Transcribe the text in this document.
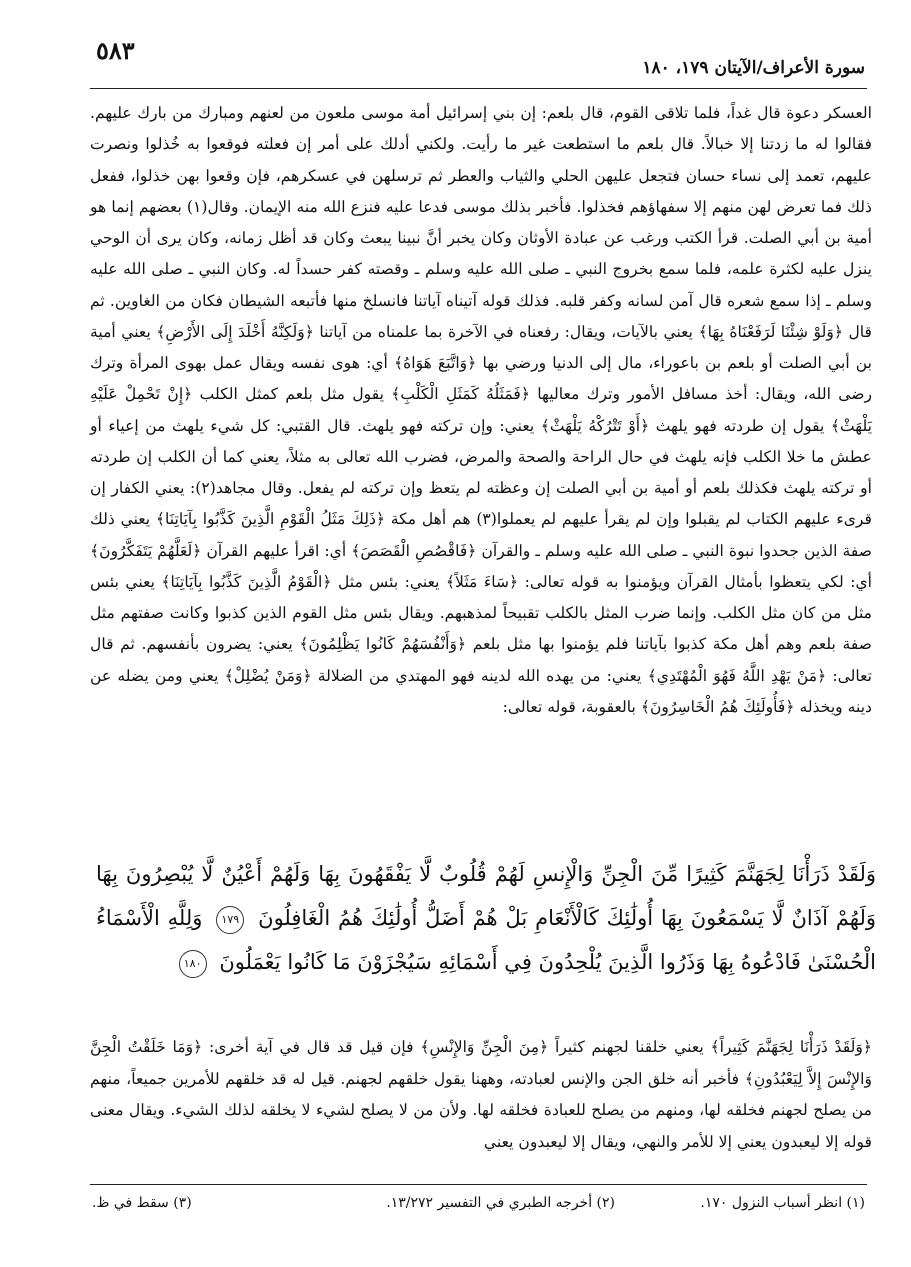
٥٨٣
سورة الأعراف/الآيتان ١٧٩، ١٨٠

العسكر دعوة قال غداً، فلما تلاقى القوم، قال بلعم: إن بني إسرائيل أمة موسى ملعون من لعنهم ومبارك من بارك عليهم. فقالوا له ما زدتنا إلا خبالاً. قال بلعم ما استطعت غير ما رأيت. ولكني أدلك على أمر إن فعلته فوقعوا به خُذلوا ونصرت عليهم، تعمد إلى نساء حسان فتجعل عليهن الحلي والثياب والعطر ثم ترسلهن في عسكرهم، فإن وقعوا بهن خذلوا، ففعل ذلك فما تعرض لهن منهم إلا سفهاؤهم فخذلوا. فأخبر بذلك موسى فدعا عليه فنزع الله منه الإيمان. وقال(١) بعضهم إنما هو أمية بن أبي الصلت. قرأ الكتب ورغب عن عبادة الأوثان وكان يخبر أنَّ نبينا يبعث وكان قد أظل زمانه، وكان يرى أن الوحي ينزل عليه لكثرة علمه، فلما سمع بخروج النبي ـ صلى الله عليه وسلم ـ وقصته كفر حسداً له. وكان النبي ـ صلى الله عليه وسلم ـ إذا سمع شعره قال آمن لسانه وكفر قلبه. فذلك قوله آتيناه آياتنا فانسلخ منها فأتبعه الشيطان فكان من الغاوين. ثم قال ﴿وَلَوْ شِئْنَا لَرَفَعْنَاهُ بِهَا﴾ يعني بالآيات، ويقال: رفعناه في الآخرة بما علمناه من آياتنا ﴿وَلَكِنَّهُ أَخْلَدَ إِلَى الأَرْضِ﴾ يعني أمية بن أبي الصلت أو بلعم بن باعوراء، مال إلى الدنيا ورضي بها ﴿وَاتَّبَعَ هَوَاهُ﴾ أي: هوى نفسه ويقال عمل بهوى المرأة وترك رضى الله، ويقال: أخذ مسافل الأمور وترك معاليها ﴿فَمَثَلُهُ كَمَثَلِ الْكَلْبِ﴾ يقول مثل بلعم كمثل الكلب ﴿إِنْ تَحْمِلْ عَلَيْهِ يَلْهَثْ﴾ يقول إن طردته فهو يلهث ﴿أَوْ تَتْرُكْهُ يَلْهَثْ﴾ يعني: وإن تركته فهو يلهث. قال القتبي: كل شيء يلهث من إعياء أو عطش ما خلا الكلب فإنه يلهث في حال الراحة والصحة والمرض، فضرب الله تعالى به مثلاً، يعني كما أن الكلب إن طردته أو تركته يلهث فكذلك بلعم أو أمية بن أبي الصلت إن وعظته لم يتعظ وإن تركته لم يفعل. وقال مجاهد(٢): يعني الكفار إن قرىء عليهم الكتاب لم يقبلوا وإن لم يقرأ عليهم لم يعملوا(٣) هم أهل مكة ﴿ذَلِكَ مَثَلُ الْقَوْمِ الَّذِينَ كَذَّبُوا بِآيَاتِنَا﴾ يعني ذلك صفة الذين جحدوا نبوة النبي ـ صلى الله عليه وسلم ـ والقرآن ﴿فَاقْصُصِ الْقَصَصَ﴾ أي: اقرأ عليهم القرآن ﴿لَعَلَّهُمْ يَتَفَكَّرُونَ﴾ أي: لكي يتعظوا بأمثال القرآن ويؤمنوا به قوله تعالى: ﴿سَاءَ مَثَلاً﴾ يعني: بئس مثل ﴿الْقَوْمُ الَّذِينَ كَذَّبُوا بِآيَاتِنَا﴾ يعني بئس مثل من كان مثل الكلب. وإنما ضرب المثل بالكلب تقبيحاً لمذهبهم. ويقال بئس مثل القوم الذين كذبوا وكانت صفتهم مثل صفة بلعم وهم أهل مكة كذبوا بآياتنا فلم يؤمنوا بها مثل بلعم ﴿وَأَنْفُسَهُمْ كَانُوا يَظْلِمُونَ﴾ يعني: يضرون بأنفسهم. ثم قال تعالى: ﴿مَنْ يَهْدِ اللَّهُ فَهُوَ الْمُهْتَدِي﴾ يعني: من يهده الله لدينه فهو المهتدي من الضلالة ﴿وَمَنْ يُضْلِلْ﴾ يعني ومن يضله عن دينه ويخذله ﴿فَأُولَئِكَ هُمُ الْخَاسِرُونَ﴾ بالعقوبة، قوله تعالى:

وَلَقَدْ ذَرَأْنَا لِجَهَنَّمَ كَثِيرًا مِّنَ الْجِنِّ وَالْإِنسِ لَهُمْ قُلُوبٌ لَّا يَفْقَهُونَ بِهَا وَلَهُمْ أَعْيُنٌ لَّا يُبْصِرُونَ بِهَا وَلَهُمْ آذَانٌ لَّا يَسْمَعُونَ بِهَا أُولَٰئِكَ كَالْأَنْعَامِ بَلْ هُمْ أَضَلُّ أُولَٰئِكَ هُمُ الْغَافِلُونَ ١٧٩ وَلِلَّهِ الْأَسْمَاءُ الْحُسْنَىٰ فَادْعُوهُ بِهَا وَذَرُوا الَّذِينَ يُلْحِدُونَ فِي أَسْمَائِهِ سَيُجْزَوْنَ مَا كَانُوا يَعْمَلُونَ ١٨٠

﴿وَلَقَدْ ذَرَأْنَا لِجَهَنَّمَ كَثِيراً﴾ يعني خلقنا لجهنم كثيراً ﴿مِنَ الْجِنِّ وَالإِنْسِ﴾ فإن قيل قد قال في آية أخرى: ﴿وَمَا خَلَقْتُ الْجِنَّ وَالإِنْسَ إِلاَّ لِيَعْبُدُونِ﴾ فأخبر أنه خلق الجن والإنس لعبادته، وههنا يقول خلقهم لجهنم. قيل له قد خلقهم للأمرين جميعاً، منهم من يصلح لجهنم فخلقه لها، ومنهم من يصلح للعبادة فخلقه لها. ولأن من لا يصلح لشيء لا يخلقه لذلك الشيء. ويقال معنى قوله إلا ليعبدون يعني إلا للأمر والنهي، ويقال إلا ليعبدون يعني

(١) انظر أسباب النزول ١٧٠.
(٢) أخرجه الطبري في التفسير ١٣/٢٧٢.
(٣) سقط في ظ.
